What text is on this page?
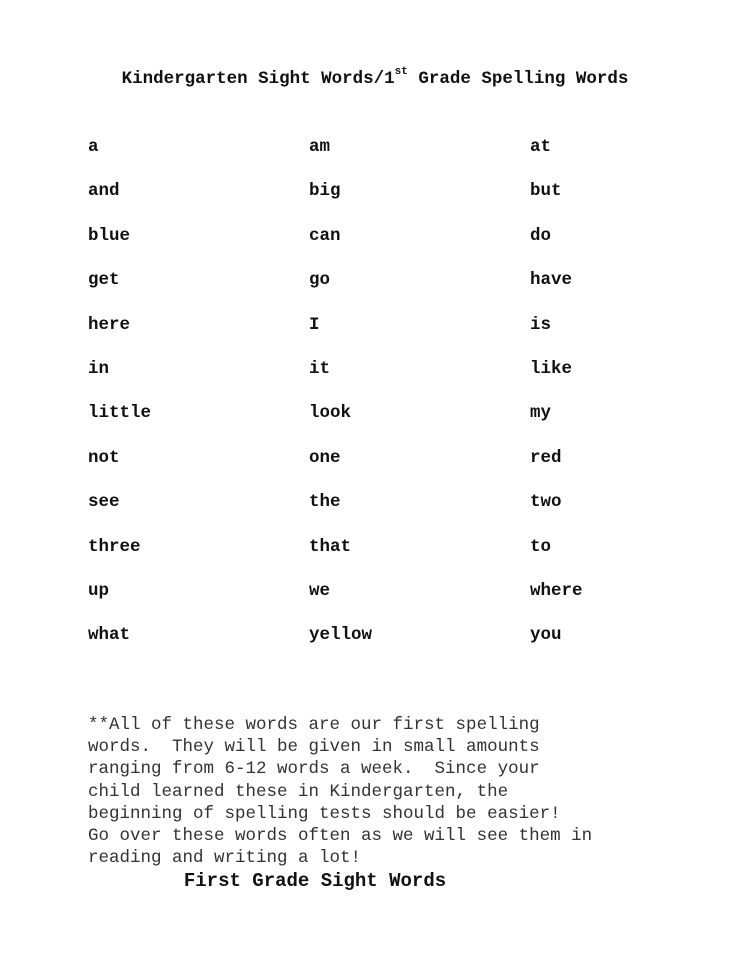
Kindergarten Sight Words/1st Grade Spelling Words
a	am	at
and	big	but
blue	can	do
get	go	have
here	I	is
in	it	like
little	look	my
not	one	red
see	the	two
three	that	to
up	we	where
what	yellow	you
**All of these words are our first spelling
words.  They will be given in small amounts
ranging from 6-12 words a week.  Since your
child learned these in Kindergarten, the
beginning of spelling tests should be easier!
Go over these words often as we will see them in
reading and writing a lot!
First Grade Sight Words
